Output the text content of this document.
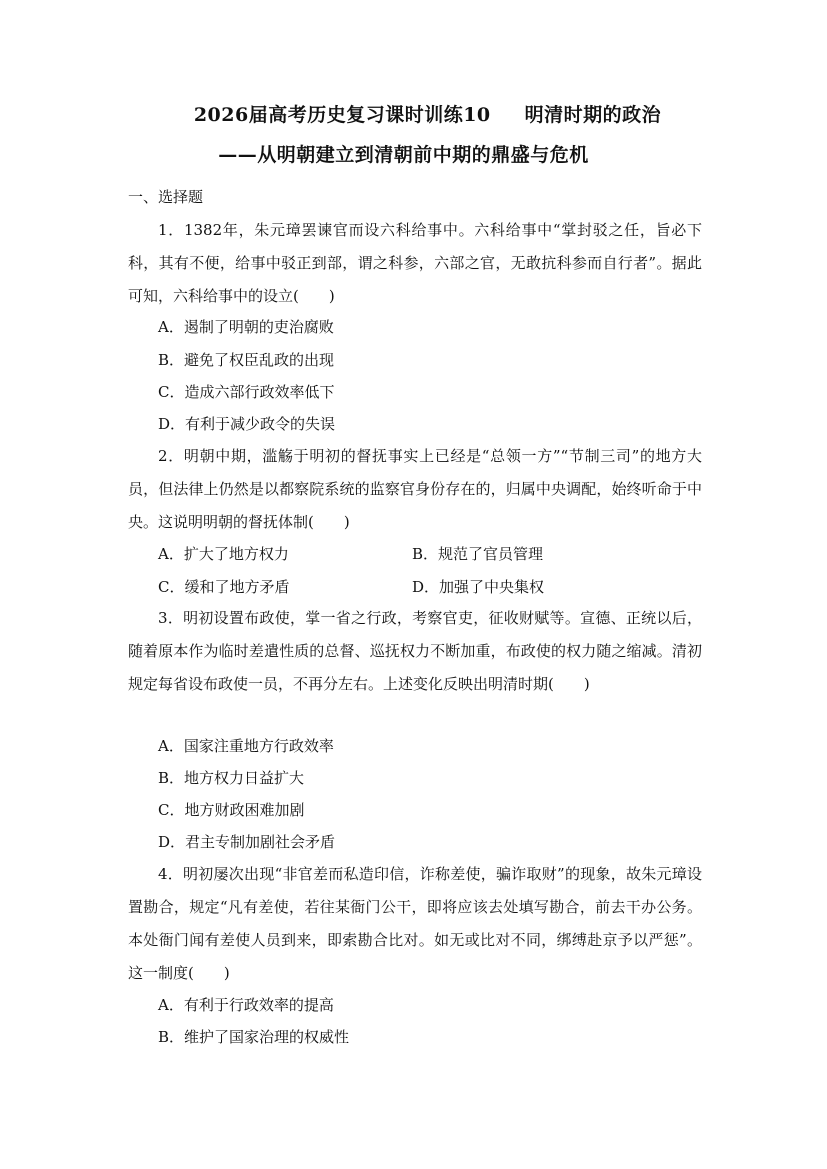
2026届高考历史复习课时训练10 明清时期的政治
——从明朝建立到清朝前中期的鼎盛与危机
一、选择题
1．1382年，朱元璋罢谏官而设六科给事中。六科给事中“掌封驳之任，旨必下科，其有不便，给事中驳正到部，谓之科参，六部之官，无敢抗科参而自行者”。据此可知，六科给事中的设立(　　)
A．遏制了明朝的吏治腐败
B．避免了权臣乱政的出现
C．造成六部行政效率低下
D．有利于减少政令的失误
2．明朝中期，滥觞于明初的督抚事实上已经是“总领一方”“节制三司”的地方大员，但法律上仍然是以都察院系统的监察官身份存在的，归属中央调配，始终听命于中央。这说明明朝的督抚体制(　　)
A．扩大了地方权力	B．规范了官员管理
C．缓和了地方矛盾	D．加强了中央集权
3．明初设置布政使，掌一省之行政，考察官吏，征收财赋等。宣德、正统以后，随着原本作为临时差遣性质的总督、巡抚权力不断加重，布政使的权力随之缩减。清初规定每省设布政使一员，不再分左右。上述变化反映出明清时期(　　)
A．国家注重地方行政效率
B．地方权力日益扩大
C．地方财政困难加剧
D．君主专制加剧社会矛盾
4．明初屡次出现“非官差而私造印信，诈称差使，骗诈取财”的现象，故朱元璋设置勘合，规定“凡有差使，若往某衙门公干，即将应该去处填写勘合，前去干办公务。本处衙门闻有差使人员到来，即索勘合比对。如无或比对不同，绑缚赴京予以严惩”。这一制度(　　)
A．有利于行政效率的提高
B．维护了国家治理的权威性
